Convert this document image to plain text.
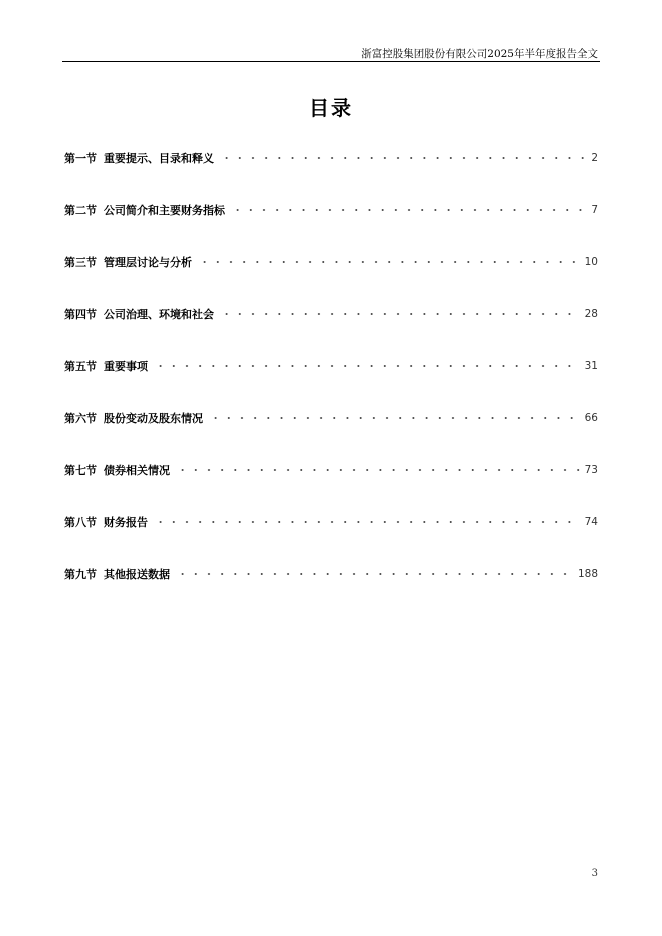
浙富控股集团股份有限公司2025年半年度报告全文
目录
第一节 重要提示、目录和释义	2
第二节 公司简介和主要财务指标	7
第三节 管理层讨论与分析	10
第四节 公司治理、环境和社会	28
第五节 重要事项	31
第六节 股份变动及股东情况	66
第七节 债券相关情况	73
第八节 财务报告	74
第九节 其他报送数据	188
3
